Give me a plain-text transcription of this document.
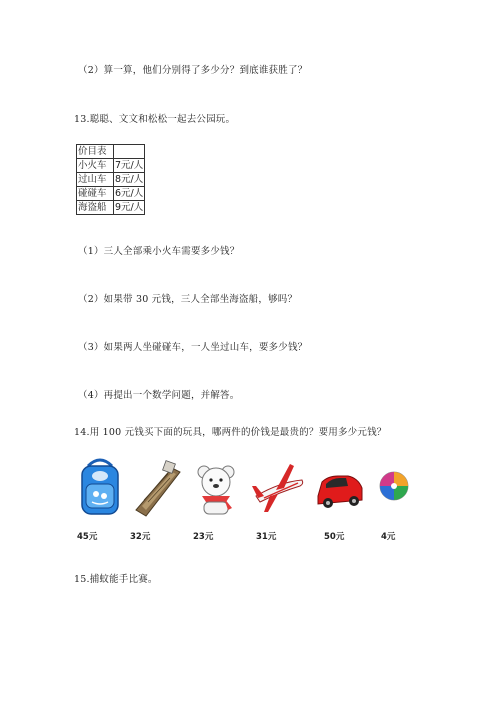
（2）算一算，他们分别得了多少分？到底谁获胜了？
13.聪聪、文文和松松一起去公园玩。
价目表	
小火车	7元/人
过山车	8元/人
碰碰车	6元/人
海盗船	9元/人
（1）三人全部乘小火车需要多少钱？
（2）如果带 30 元钱，三人全部坐海盗船，够吗？
（3）如果两人坐碰碰车，一人坐过山车，要多少钱？
（4）再提出一个数学问题，并解答。
14.用 100 元钱买下面的玩具，哪两件的价钱是最贵的？要用多少元钱？
45元	32元	23元	31元	50元	4元
15.捕蚊能手比赛。
